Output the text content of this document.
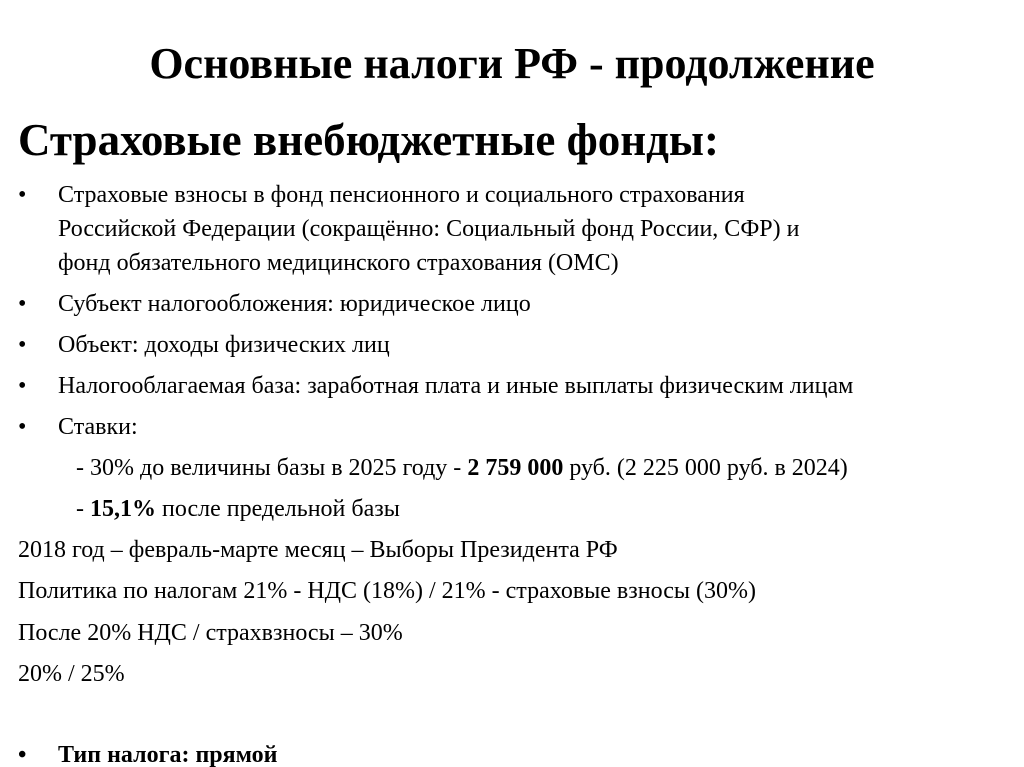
Основные налоги РФ - продолжение
Страховые внебюджетные фонды:
•	Страховые взносы в фонд пенсионного и социального страхования
Российской Федерации (сокращённо: Социальный фонд России, СФР) и
фонд обязательного медицинского страхования (ОМС)
•	Субъект налогообложения: юридическое лицо
•	Объект: доходы физических лиц
•	Налогооблагаемая база: заработная плата и иные выплаты физическим лицам
•	Ставки:
- 30% до величины базы в 2025 году - 2 759 000 руб. (2 225 000 руб. в 2024)
- 15,1% после предельной базы
2018 год – февраль-марте месяц – Выборы Президента РФ
Политика по налогам 21% - НДС (18%) / 21% - страховые взносы (30%)
После 20% НДС / страхвзносы – 30%
20% / 25%
•	Тип налога: прямой
